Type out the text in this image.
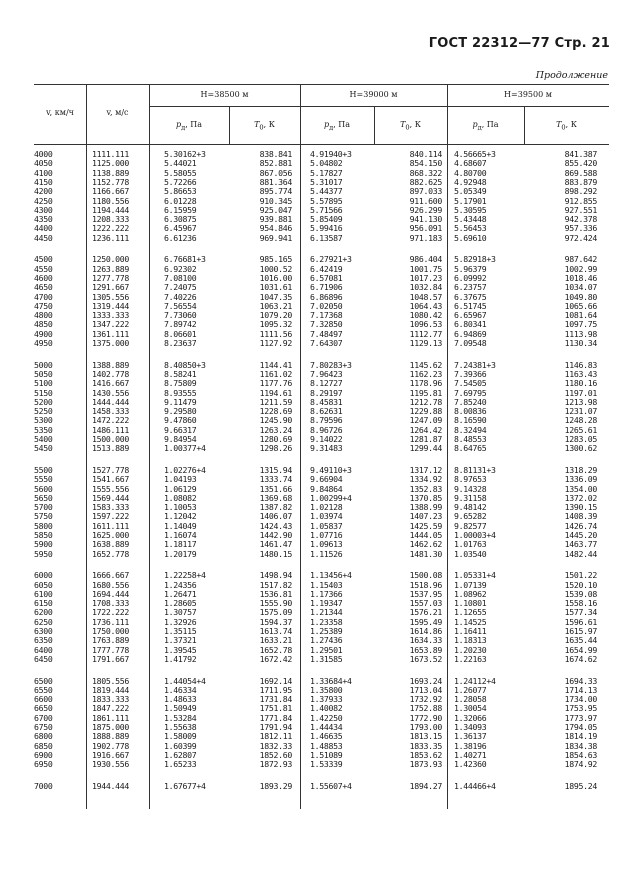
ГОСТ 22312—77 Стр. 21
Продолжение
v, км/ч	v, м/с
H=38500 м	H=39000 м	H=39500 м
$p_д$, Па	$T_0$, К	$p_д$, Па	$T_0$, К	$p_д$, Па	$T_0$, К
4000	1111.111	5.30162+3	838.841 4.91940+3	840.114 4.56665+3	841.387
4050	1125.000	5.44021	852.881 5.04802	854.150 4.68607	855.420
4100	1138.889	5.58055	867.056 5.17827	868.322 4.80700	869.588
4150	1152.778	5.72266	881.364 5.31017	882.625 4.92948	883.879
4200	1166.667	5.86653	895.774 5.44377	897.033 5.05349	898.292
4250	1180.556	6.01228	910.345 5.57895	911.600 5.17901	912.855
4300	1194.444	6.15959	925.047 5.71566	926.299 5.30595	927.551
4350	1208.333	6.30875	939.881 5.85409	941.130 5.43448	942.378
4400	1222.222	6.45967	954.846 5.99416	956.091 5.56453	957.336
4450	1236.111	6.61236	969.941 6.13587	971.183 5.69610	972.424
4500	1250.000	6.76681+3	985.165 6.27921+3	986.404 5.82918+3	987.642
4550	1263.889	6.92302	1000.52 6.42419	1001.75 5.96379	1002.99
4600	1277.778	7.08100	1016.00 6.57081	1017.23 6.09992	1018.46
4650	1291.667	7.24075	1031.61 6.71906	1032.84 6.23757	1034.07
4700	1305.556	7.40226	1047.35 6.86896	1048.57 6.37675	1049.80
4750	1319.444	7.56554	1063.21 7.02050	1064.43 6.51745	1065.66
4800	1333.333	7.73060	1079.20 7.17368	1080.42 6.65967	1081.64
4850	1347.222	7.89742	1095.32 7.32850	1096.53 6.80341	1097.75
4900	1361.111	8.06601	1111.56 7.48497	1112.77 6.94869	1113.98
4950	1375.000	8.23637	1127.92 7.64307	1129.13 7.09548	1130.34
5000	1388.889	8.40850+3	1144.41 7.80283+3	1145.62 7.24381+3	1146.83
5050	1402.778	8.58241	1161.02 7.96423	1162.23 7.39366	1163.43
5100	1416.667	8.75809	1177.76 8.12727	1178.96 7.54505	1180.16
5150	1430.556	8.93555	1194.61 8.29197	1195.81 7.69795	1197.01
5200	1444.444	9.11479	1211.59 8.45831	1212.78 7.85240	1213.98
5250	1458.333	9.29580	1228.69 8.62631	1229.88 8.00836	1231.07
5300	1472.222	9.47860	1245.90 8.79596	1247.09 8.16590	1248.28
5350	1486.111	9.66317	1263.24 8.96726	1264.42 8.32494	1265.61
5400	1500.000	9.84954	1280.69 9.14022	1281.87 8.48553	1283.05
5450	1513.889	1.00377+4	1298.26 9.31483	1299.44 8.64765	1300.62
5500	1527.778	1.02276+4	1315.94 9.49110+3	1317.12 8.81131+3	1318.29
5550	1541.667	1.04193	1333.74 9.66904	1334.92 8.97653	1336.09
5600	1555.556	1.06129	1351.66 9.84864	1352.83 9.14328	1354.00
5650	1569.444	1.08082	1369.68 1.00299+4	1370.85 9.31158	1372.02
5700	1583.333	1.10053	1387.82 1.02128	1388.99 9.48142	1390.15
5750	1597.222	1.12042	1406.07 1.03974	1407.23 9.65282	1408.39
5800	1611.111	1.14049	1424.43 1.05837	1425.59 9.82577	1426.74
5850	1625.000	1.16074	1442.90 1.07716	1444.05 1.00003+4	1445.20
5900	1638.889	1.18117	1461.47 1.09613	1462.62 1.01763	1463.77
5950	1652.778	1.20179	1480.15 1.11526	1481.30 1.03540	1482.44
6000	1666.667	1.22258+4	1498.94 1.13456+4	1500.08 1.05331+4	1501.22
6050	1680.556	1.24356	1517.82 1.15403	1518.96 1.07139	1520.10
6100	1694.444	1.26471	1536.81 1.17366	1537.95 1.08962	1539.08
6150	1708.333	1.28605	1555.90 1.19347	1557.03 1.10801	1558.16
6200	1722.222	1.30757	1575.09 1.21344	1576.21 1.12655	1577.34
6250	1736.111	1.32926	1594.37 1.23358	1595.49 1.14525	1596.61
6300	1750.000	1.35115	1613.74 1.25389	1614.86 1.16411	1615.97
6350	1763.889	1.37321	1633.21 1.27436	1634.33 1.18313	1635.44
6400	1777.778	1.39545	1652.78 1.29501	1653.89 1.20230	1654.99
6450	1791.667	1.41792	1672.42 1.31585	1673.52 1.22163	1674.62
6500	1805.556	1.44054+4	1692.14 1.33684+4	1693.24 1.24112+4	1694.33
6550	1819.444	1.46334	1711.95 1.35800	1713.04 1.26077	1714.13
6600	1833.333	1.48633	1731.84 1.37933	1732.92 1.28058	1734.00
6650	1847.222	1.50949	1751.81 1.40082	1752.88 1.30054	1753.95
6700	1861.111	1.53284	1771.84 1.42250	1772.90 1.32066	1773.97
6750	1875.000	1.55638	1791.94 1.44434	1793.00 1.34093	1794.05
6800	1888.889	1.58009	1812.11 1.46635	1813.15 1.36137	1814.19
6850	1902.778	1.60399	1832.33 1.48853	1833.35 1.38196	1834.38
6900	1916.667	1.62807	1852.60 1.51089	1853.62 1.40271	1854.63
6950	1930.556	1.65233	1872.93 1.53339	1873.93 1.42360	1874.92
7000	1944.444	1.67677+4	1893.29 1.55607+4	1894.27 1.44466+4	1895.24
